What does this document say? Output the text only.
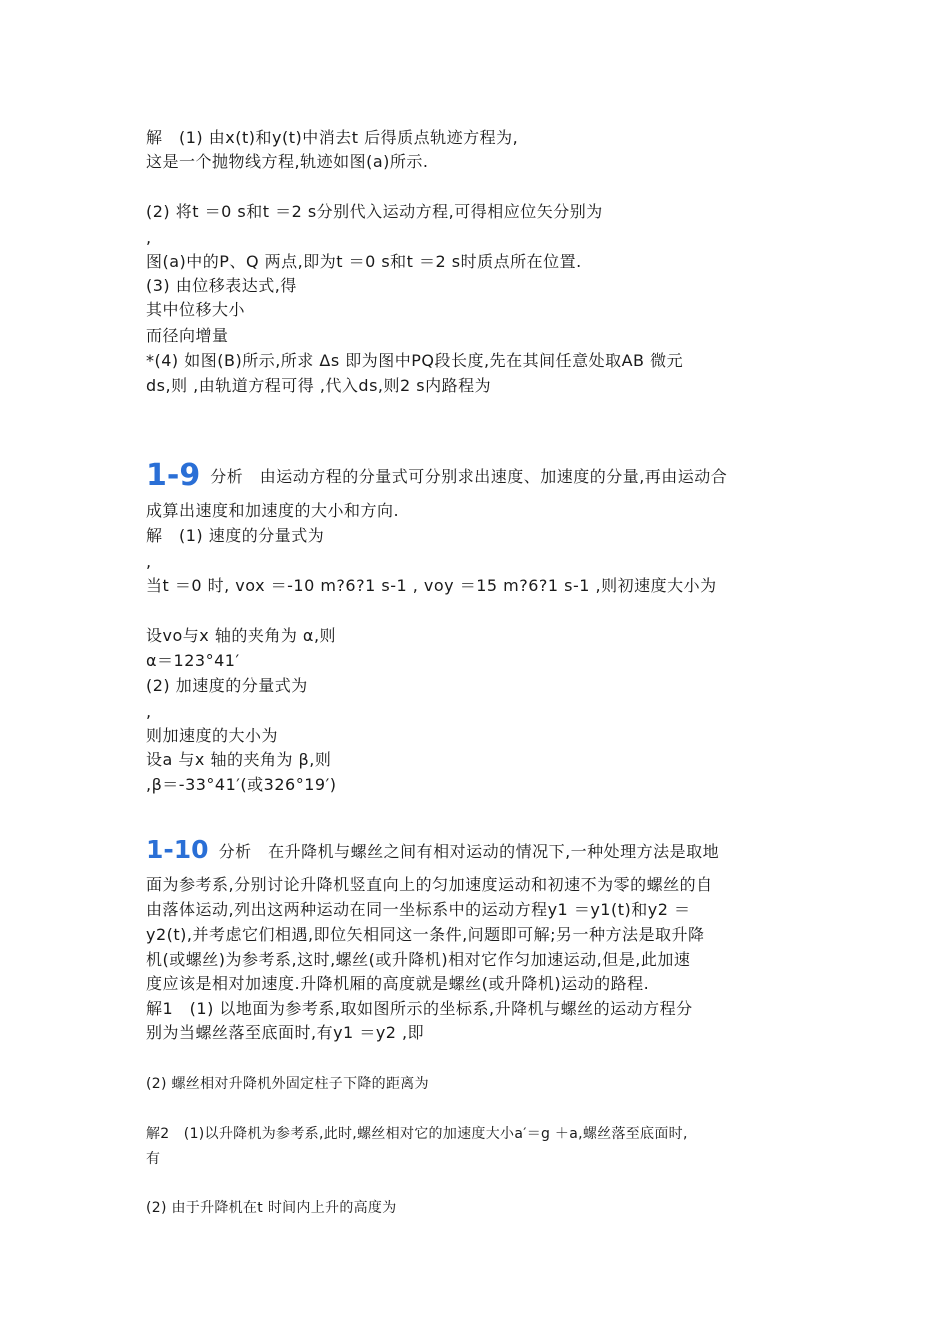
解　(1) 由x(t)和y(t)中消去t 后得质点轨迹方程为,
这是一个抛物线方程,轨迹如图(a)所示.
(2) 将t ＝0 s和t ＝2 s分别代入运动方程,可得相应位矢分别为
,
图(a)中的P、Q 两点,即为t ＝0 s和t ＝2 s时质点所在位置.
(3) 由位移表达式,得
其中位移大小
而径向增量
*(4) 如图(B)所示,所求 Δs 即为图中PQ段长度,先在其间任意处取AB 微元
ds,则 ,由轨道方程可得 ,代入ds,则2 s内路程为
1-9 分析　由运动方程的分量式可分别求出速度、加速度的分量,再由运动合
成算出速度和加速度的大小和方向.
解　(1) 速度的分量式为
,
当t ＝0 时, vox ＝-10 m?6?1 s-1 , voy ＝15 m?6?1 s-1 ,则初速度大小为
设vo与x 轴的夹角为 α,则
α＝123°41′
(2) 加速度的分量式为
,
则加速度的大小为
设a 与x 轴的夹角为 β,则
,β＝-33°41′(或326°19′)
1-10 分析　在升降机与螺丝之间有相对运动的情况下,一种处理方法是取地
面为参考系,分别讨论升降机竖直向上的匀加速度运动和初速不为零的螺丝的自
由落体运动,列出这两种运动在同一坐标系中的运动方程y1 ＝y1(t)和y2 ＝
y2(t),并考虑它们相遇,即位矢相同这一条件,问题即可解;另一种方法是取升降
机(或螺丝)为参考系,这时,螺丝(或升降机)相对它作匀加速运动,但是,此加速
度应该是相对加速度.升降机厢的高度就是螺丝(或升降机)运动的路程.
解1　(1) 以地面为参考系,取如图所示的坐标系,升降机与螺丝的运动方程分
别为当螺丝落至底面时,有y1 ＝y2 ,即
(2) 螺丝相对升降机外固定柱子下降的距离为
解2　(1)以升降机为参考系,此时,螺丝相对它的加速度大小a′＝g ＋a,螺丝落至底面时,
有
(2) 由于升降机在t 时间内上升的高度为
